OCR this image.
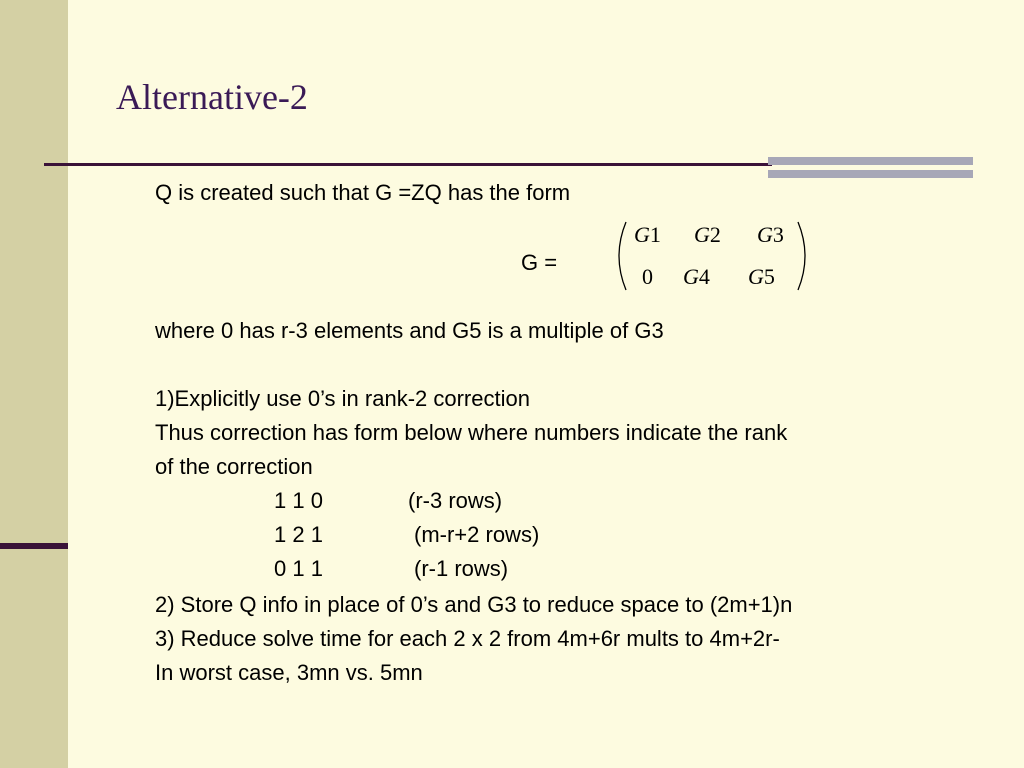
Alternative-2
Q is created such that G =ZQ has the form
G =
G1 G2 G3
0 G4 G5
where 0 has r-3 elements and G5 is a multiple of G3
1)Explicitly use 0’s in rank-2 correction
Thus correction has form below where numbers indicate the rank
of the correction
1 1 0	(r-3 rows)
1 2 1	(m-r+2 rows)
0 1 1	(r-1 rows)
2) Store Q info in place of 0’s and G3 to reduce space to (2m+1)n
3) Reduce solve time for each 2 x 2 from 4m+6r mults to 4m+2r-
In worst case, 3mn vs. 5mn
